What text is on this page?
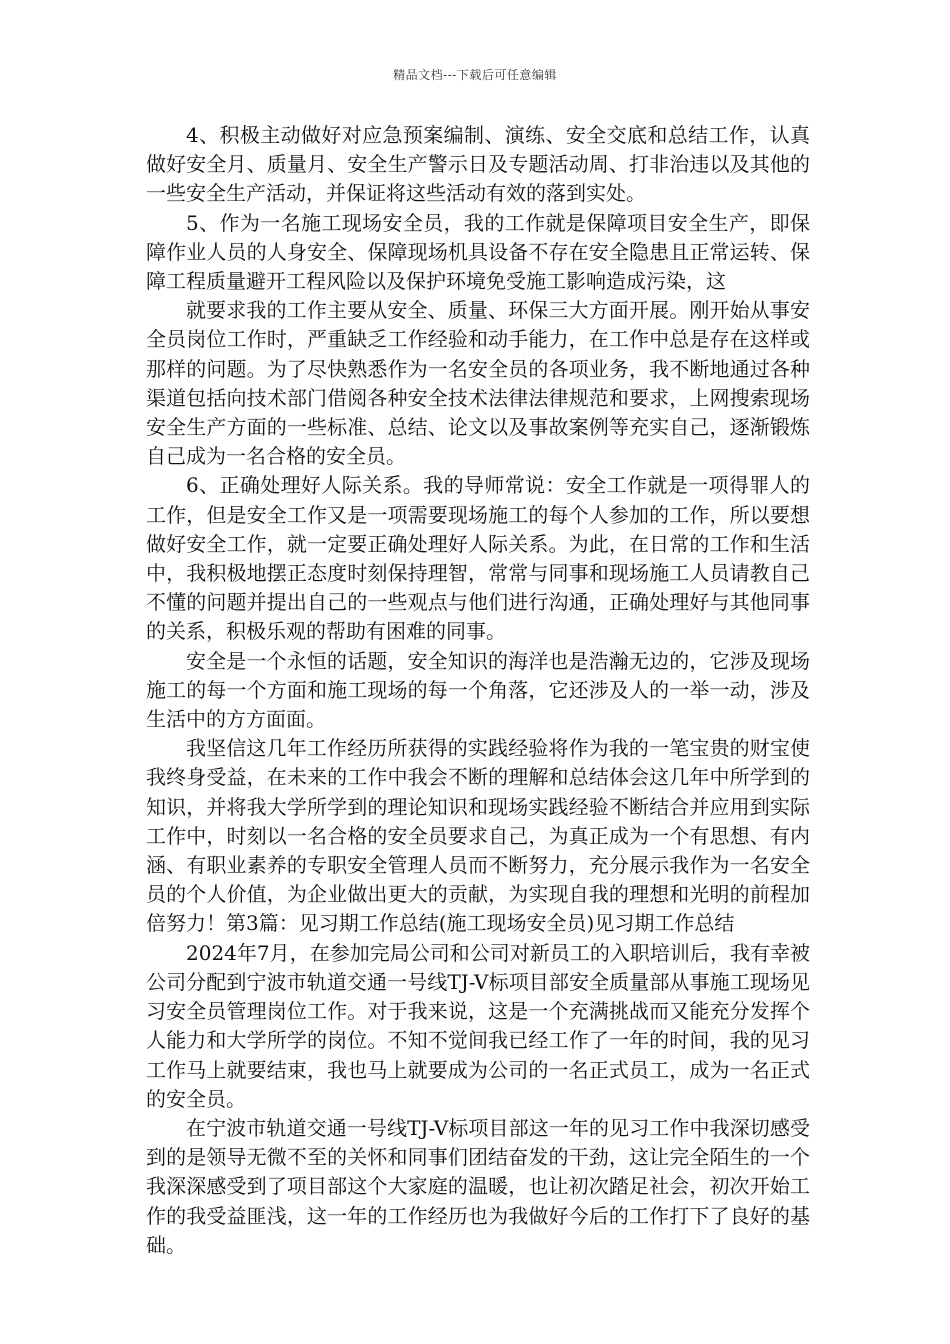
精品文档---下载后可任意编辑

4、积极主动做好对应急预案编制、演练、安全交底和总结工作，认真做好安全月、质量月、安全生产警示日及专题活动周、打非治违以及其他的一些安全生产活动，并保证将这些活动有效的落到实处。

5、作为一名施工现场安全员，我的工作就是保障项目安全生产，即保障作业人员的人身安全、保障现场机具设备不存在安全隐患且正常运转、保障工程质量避开工程风险以及保护环境免受施工影响造成污染，这

就要求我的工作主要从安全、质量、环保三大方面开展。刚开始从事安全员岗位工作时，严重缺乏工作经验和动手能力，在工作中总是存在这样或那样的问题。为了尽快熟悉作为一名安全员的各项业务，我不断地通过各种渠道包括向技术部门借阅各种安全技术法律法律规范和要求，上网搜索现场安全生产方面的一些标准、总结、论文以及事故案例等充实自己，逐渐锻炼自己成为一名合格的安全员。

6、正确处理好人际关系。我的导师常说：安全工作就是一项得罪人的工作，但是安全工作又是一项需要现场施工的每个人参加的工作，所以要想做好安全工作，就一定要正确处理好人际关系。为此，在日常的工作和生活中，我积极地摆正态度时刻保持理智，常常与同事和现场施工人员请教自己不懂的问题并提出自己的一些观点与他们进行沟通，正确处理好与其他同事的关系，积极乐观的帮助有困难的同事。

安全是一个永恒的话题，安全知识的海洋也是浩瀚无边的，它涉及现场施工的每一个方面和施工现场的每一个角落，它还涉及人的一举一动，涉及生活中的方方面面。

我坚信这几年工作经历所获得的实践经验将作为我的一笔宝贵的财宝使我终身受益，在未来的工作中我会不断的理解和总结体会这几年中所学到的知识，并将我大学所学到的理论知识和现场实践经验不断结合并应用到实际工作中，时刻以一名合格的安全员要求自己，为真正成为一个有思想、有内涵、有职业素养的专职安全管理人员而不断努力，充分展示我作为一名安全员的个人价值，为企业做出更大的贡献，为实现自我的理想和光明的前程加倍努力！第3篇：见习期工作总结(施工现场安全员)见习期工作总结

2024年7月，在参加完局公司和公司对新员工的入职培训后，我有幸被公司分配到宁波市轨道交通一号线TJ-V标项目部安全质量部从事施工现场见习安全员管理岗位工作。对于我来说，这是一个充满挑战而又能充分发挥个人能力和大学所学的岗位。不知不觉间我已经工作了一年的时间，我的见习工作马上就要结束，我也马上就要成为公司的一名正式员工，成为一名正式的安全员。

在宁波市轨道交通一号线TJ-V标项目部这一年的见习工作中我深切感受到的是领导无微不至的关怀和同事们团结奋发的干劲，这让完全陌生的一个我深深感受到了项目部这个大家庭的温暖，也让初次踏足社会，初次开始工作的我受益匪浅，这一年的工作经历也为我做好今后的工作打下了良好的基础。
